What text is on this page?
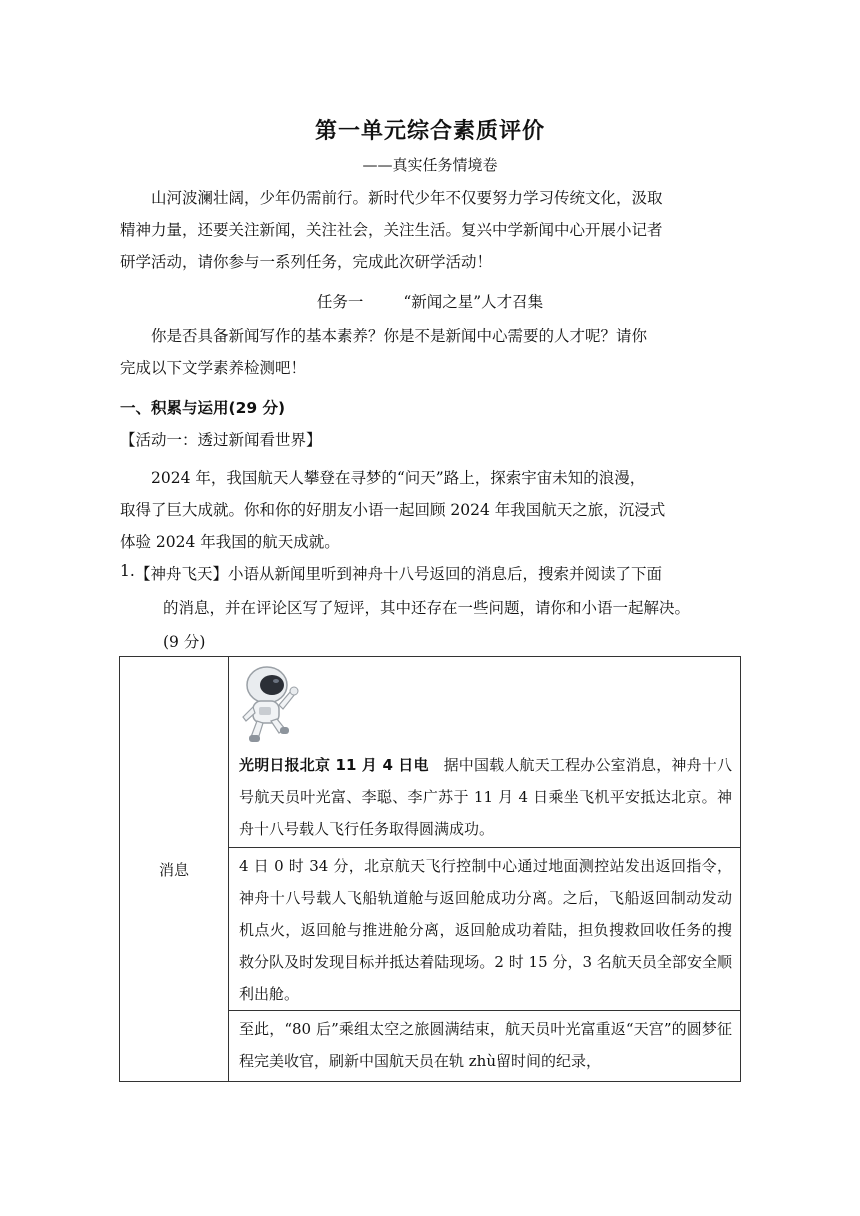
第一单元综合素质评价
——真实任务情境卷
山河波澜壮阔，少年仍需前行。新时代少年不仅要努力学习传统文化，汲取
精神力量，还要关注新闻，关注社会，关注生活。复兴中学新闻中心开展小记者
研学活动，请你参与一系列任务，完成此次研学活动！
任务一	“新闻之星”人才召集
你是否具备新闻写作的基本素养？你是不是新闻中心需要的人才呢？请你
完成以下文学素养检测吧！
一、积累与运用(29 分)
【活动一：透过新闻看世界】
2024 年，我国航天人攀登在寻梦的“问天”路上，探索宇宙未知的浪漫，
取得了巨大成就。你和你的好朋友小语一起回顾 2024 年我国航天之旅，沉浸式
体验 2024 年我国的航天成就。
1. 【神舟飞天】小语从新闻里听到神舟十八号返回的消息后，搜索并阅读了下面
的消息，并在评论区写了短评，其中还存在一些问题，请你和小语一起解决。
(9 分)
消息	
光明日报北京 11 月 4 日电 据中国载人航天工程办公室消息，神舟十八号航天员叶光富、李聪、李广苏于 11 月 4 日乘坐飞机平安抵达北京。神舟十八号载人飞行任务取得圆满成功。

4 日 0 时 34 分，北京航天飞行控制中心通过地面测控站发出返回指令，神舟十八号载人飞船轨道舱与返回舱成功分离。之后，飞船返回制动发动机点火，返回舱与推进舱分离，返回舱成功着陆，担负搜救回收任务的搜救分队及时发现目标并抵达着陆现场。2 时 15 分，3 名航天员全部安全顺利出舱。

至此，“80 后”乘组太空之旅圆满结束，航天员叶光富重返“天宫”的圆梦征程完美收官，刷新中国航天员在轨 zhù留时间的纪录，
